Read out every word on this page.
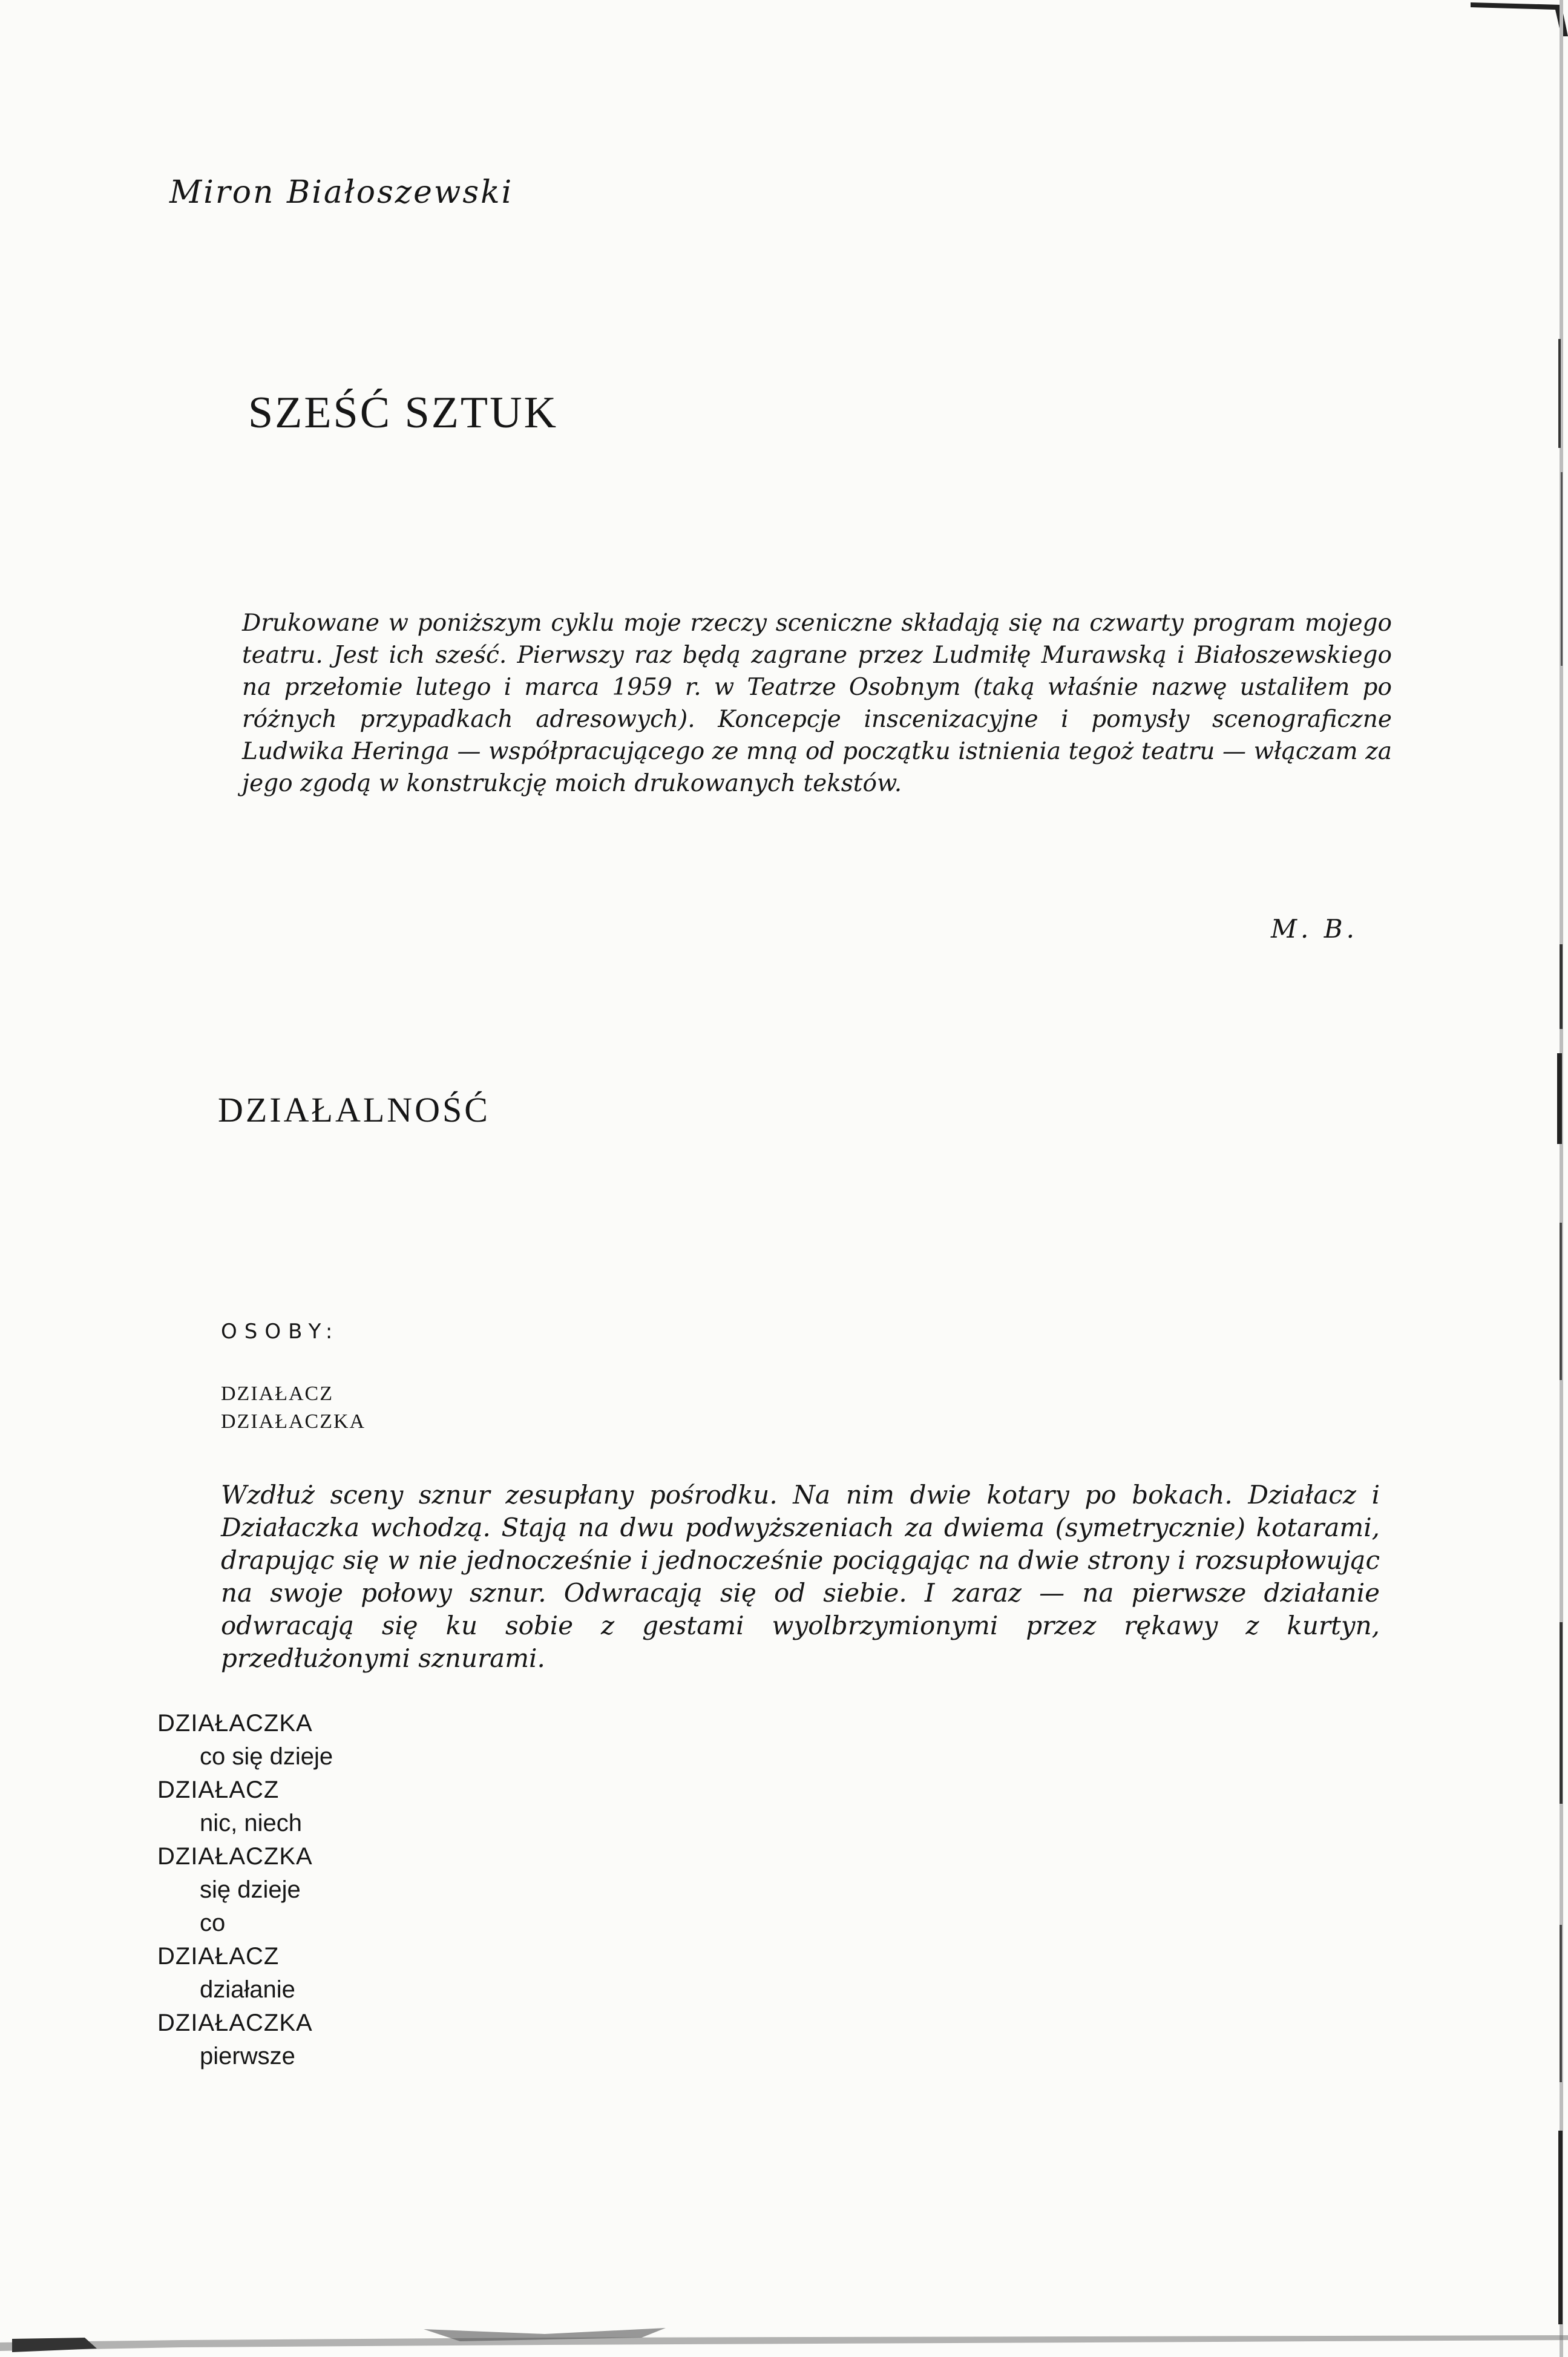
Miron Białoszewski
SZEŚĆ SZTUK
Drukowane w poniższym cyklu moje rzeczy sceniczne składają się na czwarty program mojego teatru. Jest ich sześć. Pierwszy raz będą zagrane przez Ludmiłę Murawską i Białoszewskiego na przełomie lutego i marca 1959 r. w Teatrze Osobnym (taką właśnie nazwę ustaliłem po różnych przypadkach adresowych). Koncepcje inscenizacyjne i pomysły scenograficzne Ludwika Heringa — współpracującego ze mną od początku istnienia tegoż teatru — włączam za jego zgodą w konstrukcję moich drukowanych tekstów.
M. B.
DZIAŁALNOŚĆ
OSOBY:
DZIAŁACZ
DZIAŁACZKA
Wzdłuż sceny sznur zesupłany pośrodku. Na nim dwie kotary po bokach. Działacz i Działaczka wchodzą. Stają na dwu podwyższeniach za dwiema (symetrycznie) kotarami, drapując się w nie jednocześnie i jednocześnie pociągając na dwie strony i rozsupłowując na swoje połowy sznur. Odwracają się od siebie. I zaraz — na pierwsze działanie odwracają się ku sobie z gestami wyolbrzymionymi przez rękawy z kurtyn, przedłużonymi sznurami.
DZIAŁACZKA
co się dzieje
DZIAŁACZ
nic, niech
DZIAŁACZKA
się dzieje
co
DZIAŁACZ
działanie
DZIAŁACZKA
pierwsze
